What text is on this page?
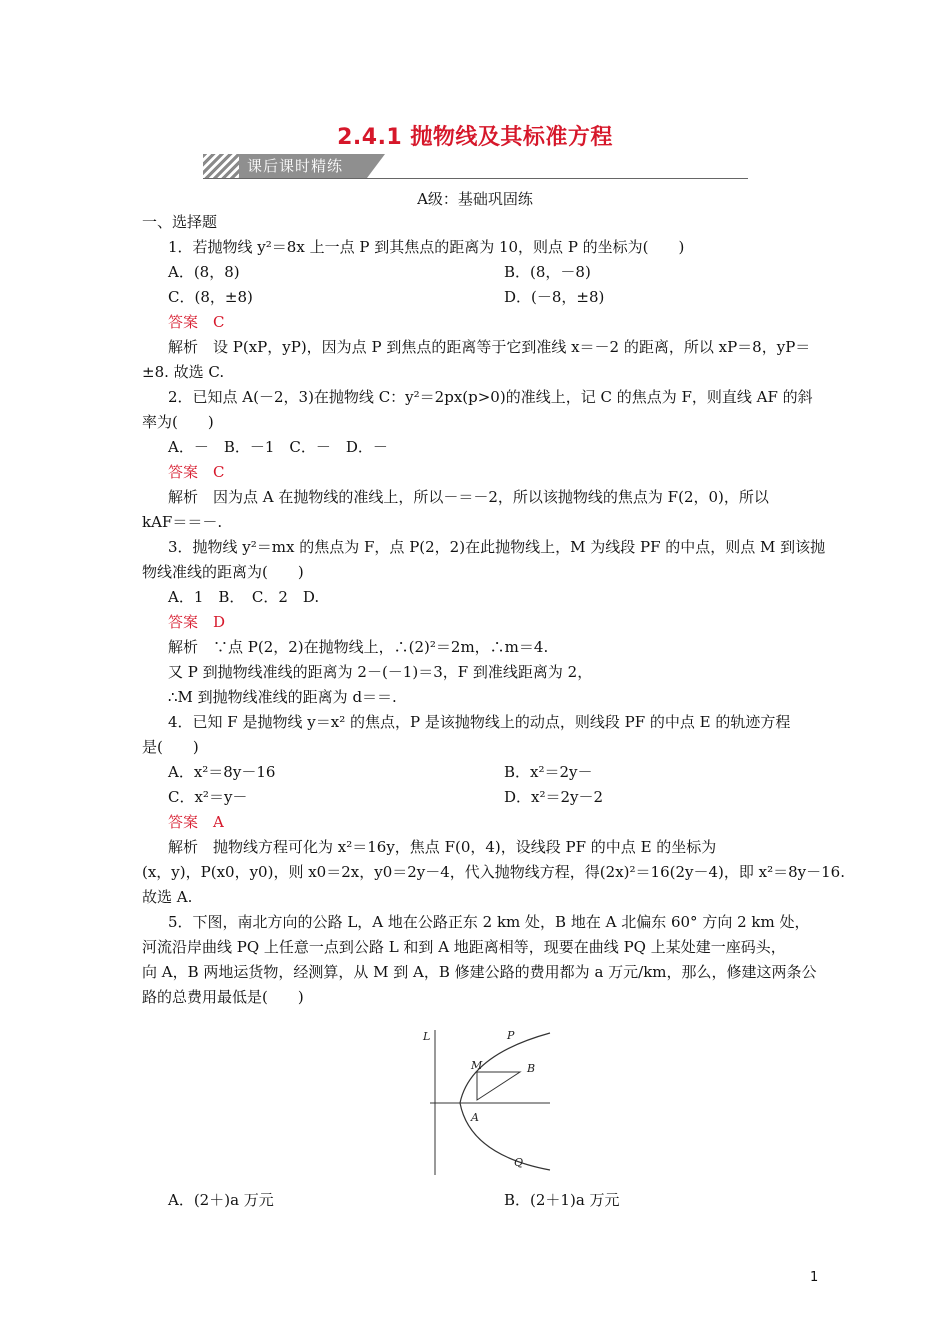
2.4.1 抛物线及其标准方程
课后课时精练
A级：基础巩固练
一、选择题
1．若抛物线 y²＝8x 上一点 P 到其焦点的距离为 10，则点 P 的坐标为(　　)
A．(8，8)	B．(8，－8)
C．(8，±8)	D．(－8，±8)
答案　C
解析　设 P(xP，yP)，因为点 P 到焦点的距离等于它到准线 x＝－2 的距离，所以 xP＝8，yP＝
±8. 故选 C.
2．已知点 A(－2，3)在抛物线 C：y²＝2px(p>0)的准线上，记 C 的焦点为 F，则直线 AF 的斜
率为(　　)
A．－　B．－1　C．－　D．－
答案　C
解析　因为点 A 在抛物线的准线上，所以－＝－2，所以该抛物线的焦点为 F(2，0)，所以
kAF＝＝－.
3．抛物线 y²＝mx 的焦点为 F，点 P(2，2)在此抛物线上，M 为线段 PF 的中点，则点 M 到该抛
物线准线的距离为(　　)
A．1　B．　C．2　D.
答案　D
解析　∵点 P(2，2)在抛物线上，∴(2)²＝2m，∴m＝4.
又 P 到抛物线准线的距离为 2－(－1)＝3，F 到准线距离为 2，
∴M 到抛物线准线的距离为 d＝＝.
4．已知 F 是抛物线 y＝x² 的焦点，P 是该抛物线上的动点，则线段 PF 的中点 E 的轨迹方程
是(　　)
A．x²＝8y－16	B．x²＝2y－
C．x²＝y－	D．x²＝2y－2
答案　A
解析　抛物线方程可化为 x²＝16y，焦点 F(0，4)，设线段 PF 的中点 E 的坐标为
(x，y)，P(x0，y0)，则 x0＝2x，y0＝2y－4，代入抛物线方程，得(2x)²＝16(2y－4)，即 x²＝8y－16.
故选 A.
5．下图，南北方向的公路 L，A 地在公路正东 2 km 处，B 地在 A 北偏东 60° 方向 2 km 处，
河流沿岸曲线 PQ 上任意一点到公路 L 和到 A 地距离相等，现要在曲线 PQ 上某处建一座码头，
向 A，B 两地运货物，经测算，从 M 到 A，B 修建公路的费用都为 a 万元/km，那么，修建这两条公
路的总费用最低是(　　)
L	P
M	B
A
Q
A．(2＋)a 万元	B．(2＋1)a 万元
1
